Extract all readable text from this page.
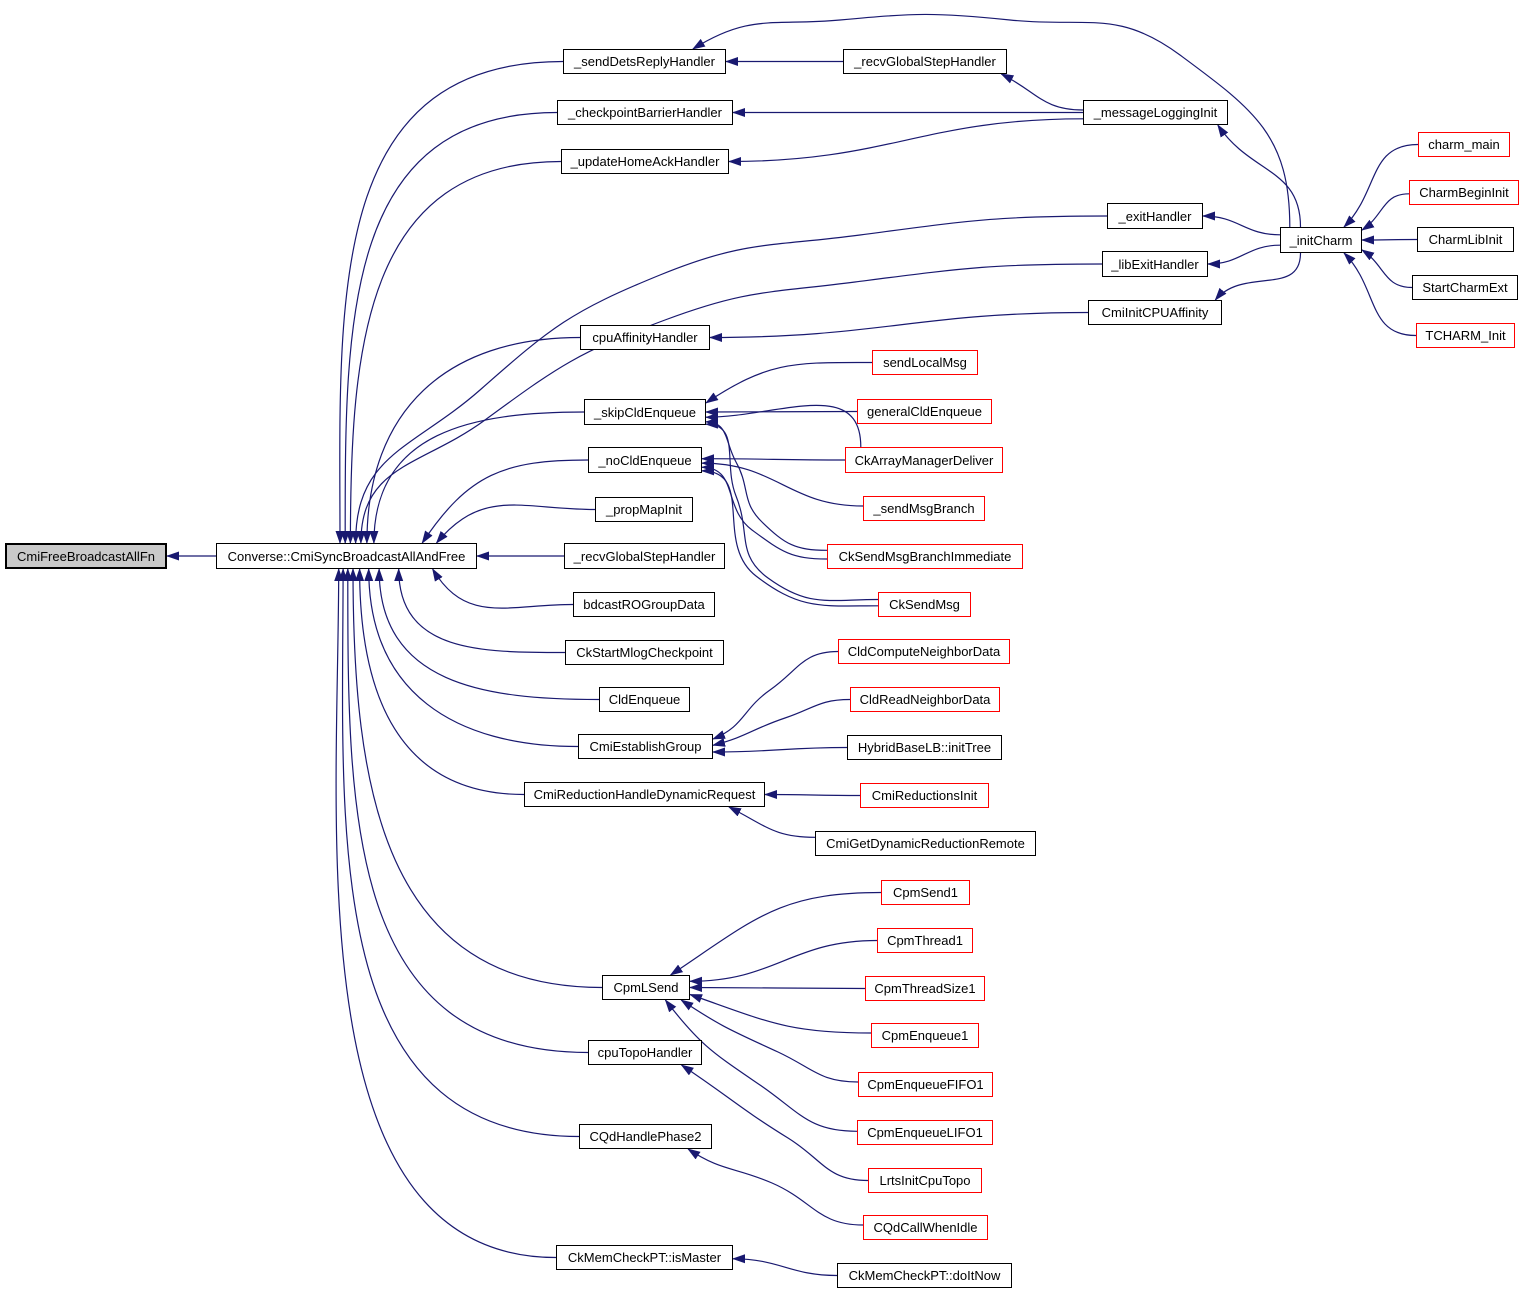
CmiFreeBroadcastAllFn	Converse::CmiSyncBroadcastAllAndFree
_sendDetsReplyHandler
_checkpointBarrierHandler
_updateHomeAckHandler
cpuAffinityHandler
_skipCldEnqueue
_noCldEnqueue
_propMapInit
_recvGlobalStepHandler
bdcastROGroupData
CkStartMlogCheckpoint
CldEnqueue
CmiEstablishGroup
CmiReductionHandleDynamicRequest
CpmLSend
cpuTopoHandler
CQdHandlePhase2
CkMemCheckPT::isMaster
_recvGlobalStepHandler
_messageLoggingInit
_exitHandler
_libExitHandler
CmiInitCPUAffinity
sendLocalMsg
generalCldEnqueue
CkArrayManagerDeliver
_sendMsgBranch
CkSendMsgBranchImmediate
CkSendMsg
CldComputeNeighborData
CldReadNeighborData
HybridBaseLB::initTree
CmiReductionsInit
CmiGetDynamicReductionRemote
CpmSend1
CpmThread1
CpmThreadSize1
CpmEnqueue1
CpmEnqueueFIFO1
CpmEnqueueLIFO1
LrtsInitCpuTopo
CQdCallWhenIdle
CkMemCheckPT::doItNow
_initCharm
charm_main
CharmBeginInit
CharmLibInit
StartCharmExt
TCHARM_Init
